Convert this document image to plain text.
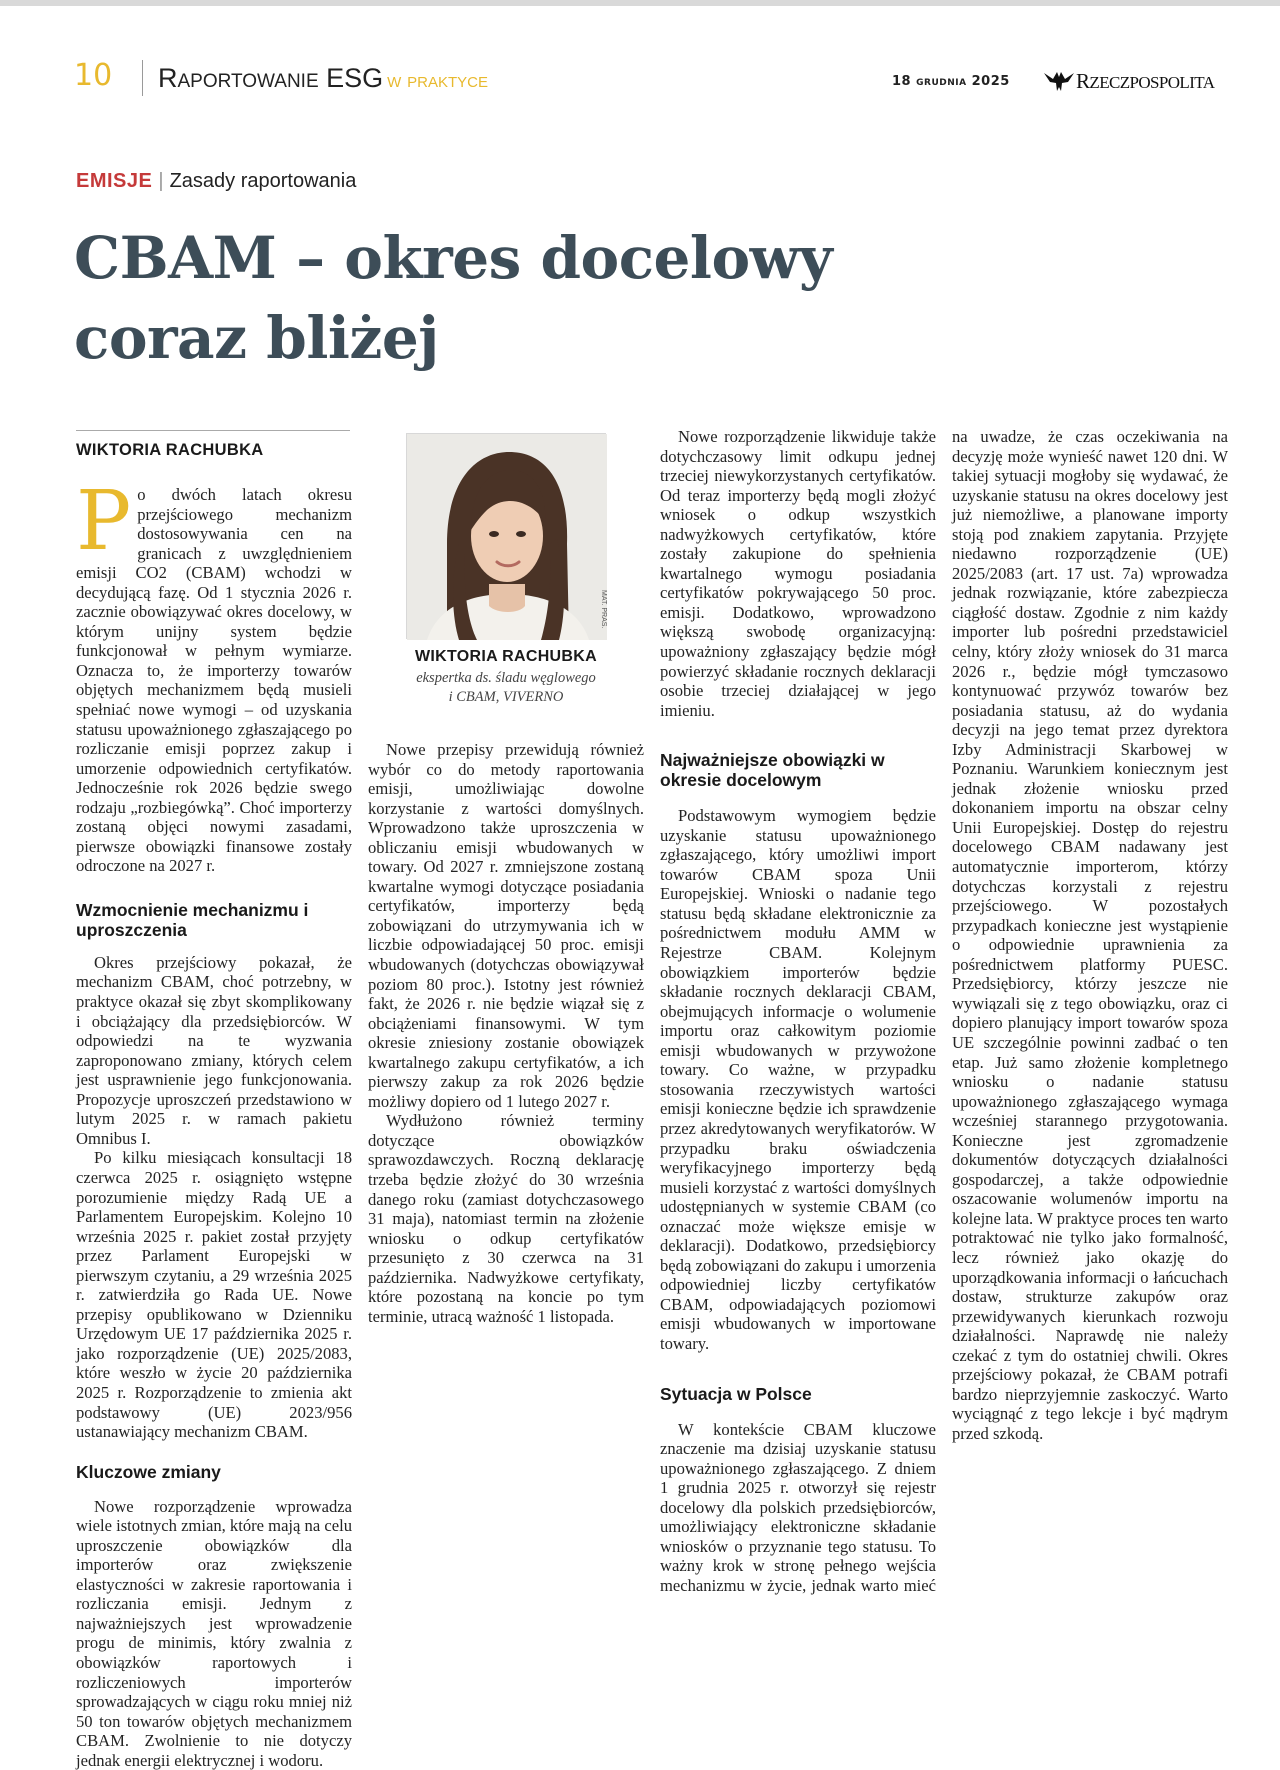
10 Raportowanie ESG w praktyce	18 grudnia 2025	RZECZPOSPOLITA
EMISJE | Zasady raportowania
CBAM – okres docelowy
coraz bliżej
WIKTORIA RACHUBKA
P o dwóch latach okresu przejściowego mechanizm dostosowywania cen na granicach z uwzględnieniem emisji CO2 (CBAM) wchodzi w decydującą fazę. Od 1 stycznia 2026 r. zacznie obowiązywać okres docelowy, w którym unijny system będzie funkcjonował w pełnym wymiarze. Oznacza to, że importerzy towarów objętych mechanizmem będą musieli spełniać nowe wymogi – od uzyskania statusu upoważnionego zgłaszającego po rozliczanie emisji poprzez zakup i umorzenie odpowiednich certyfikatów. Jednocześnie rok 2026 będzie swego rodzaju „rozbiegówką”. Choć importerzy zostaną objęci nowymi zasadami, pierwsze obowiązki finansowe zostały odroczone na 2027 r.

Wzmocnienie mechanizmu i uproszczenia

Okres przejściowy pokazał, że mechanizm CBAM, choć potrzebny, w praktyce okazał się zbyt skomplikowany i obciążający dla przedsiębiorców. W odpowiedzi na te wyzwania zaproponowano zmiany, których celem jest usprawnienie jego funkcjonowania. Propozycje uproszczeń przedstawiono w lutym 2025 r. w ramach pakietu Omnibus I.

Po kilku miesiącach konsultacji 18 czerwca 2025 r. osiągnięto wstępne porozumienie między Radą UE a Parlamentem Europejskim. Kolejno 10 września 2025 r. pakiet został przyjęty przez Parlament Europejski w pierwszym czytaniu, a 29 września 2025 r. zatwierdziła go Rada UE. Nowe przepisy opublikowano w Dzienniku Urzędowym UE 17 października 2025 r. jako rozporządzenie (UE) 2025/2083, które weszło w życie 20 października 2025 r. Rozporządzenie to zmienia akt podstawowy (UE) 2023/956 ustanawiający mechanizm CBAM.

Kluczowe zmiany

Nowe rozporządzenie wprowadza wiele istotnych zmian, które mają na celu uproszczenie obowiązków dla importerów oraz zwiększenie elastyczności w zakresie raportowania i rozliczania emisji. Jednym z najważniejszych jest wprowadzenie progu de minimis, który zwalnia z obowiązków raportowych i rozliczeniowych importerów sprowadzających w ciągu roku mniej niż 50 ton towarów objętych mechanizmem CBAM. Zwolnienie to nie dotyczy jednak energii elektrycznej i wodoru.

MAT. PRAS.
WIKTORIA RACHUBKA
ekspertka ds. śladu węglowego
i CBAM, VIVERNO

Nowe przepisy przewidują również wybór co do metody raportowania emisji, umożliwiając dowolne korzystanie z wartości domyślnych. Wprowadzono także uproszczenia w obliczaniu emisji wbudowanych w towary. Od 2027 r. zmniejszone zostaną kwartalne wymogi dotyczące posiadania certyfikatów, importerzy będą zobowiązani do utrzymywania ich w liczbie odpowiadającej 50 proc. emisji wbudowanych (dotychczas obowiązywał poziom 80 proc.). Istotny jest również fakt, że 2026 r. nie będzie wiązał się z obciążeniami finansowymi. W tym okresie zniesiony zostanie obowiązek kwartalnego zakupu certyfikatów, a ich pierwszy zakup za rok 2026 będzie możliwy dopiero od 1 lutego 2027 r.

Wydłużono również terminy dotyczące obowiązków sprawozdawczych. Roczną deklarację trzeba będzie złożyć do 30 września danego roku (zamiast dotychczasowego 31 maja), natomiast termin na złożenie wniosku o odkup certyfikatów przesunięto z 30 czerwca na 31 października. Nadwyżkowe certyfikaty, które pozostaną na koncie po tym terminie, utracą ważność 1 listopada.

Nowe rozporządzenie likwiduje także dotychczasowy limit odkupu jednej trzeciej niewykorzystanych certyfikatów. Od teraz importerzy będą mogli złożyć wniosek o odkup wszystkich nadwyżkowych certyfikatów, które zostały zakupione do spełnienia kwartalnego wymogu posiadania certyfikatów pokrywającego 50 proc. emisji. Dodatkowo, wprowadzono większą swobodę organizacyjną: upoważniony zgłaszający będzie mógł powierzyć składanie rocznych deklaracji osobie trzeciej działającej w jego imieniu.

Najważniejsze obowiązki w okresie docelowym

Podstawowym wymogiem będzie uzyskanie statusu upoważnionego zgłaszającego, który umożliwi import towarów CBAM spoza Unii Europejskiej. Wnioski o nadanie tego statusu będą składane elektronicznie za pośrednictwem modułu AMM w Rejestrze CBAM. Kolejnym obowiązkiem importerów będzie składanie rocznych deklaracji CBAM, obejmujących informacje o wolumenie importu oraz całkowitym poziomie emisji wbudowanych w przywożone towary. Co ważne, w przypadku stosowania rzeczywistych wartości emisji konieczne będzie ich sprawdzenie przez akredytowanych weryfikatorów. W przypadku braku oświadczenia weryfikacyjnego importerzy będą musieli korzystać z wartości domyślnych udostępnianych w systemie CBAM (co oznaczać może większe emisje w deklaracji). Dodatkowo, przedsiębiorcy będą zobowiązani do zakupu i umorzenia odpowiedniej liczby certyfikatów CBAM, odpowiadających poziomowi emisji wbudowanych w importowane towary.

Sytuacja w Polsce

W kontekście CBAM kluczowe znaczenie ma dzisiaj uzyskanie statusu upoważnionego zgłaszającego. Z dniem 1 grudnia 2025 r. otworzył się rejestr docelowy dla polskich przedsiębiorców, umożliwiający elektroniczne składanie wniosków o przyznanie tego statusu. To ważny krok w stronę pełnego wejścia mechanizmu w życie, jednak warto mieć

na uwadze, że czas oczekiwania na decyzję może wynieść nawet 120 dni. W takiej sytuacji mogłoby się wydawać, że uzyskanie statusu na okres docelowy jest już niemożliwe, a planowane importy stoją pod znakiem zapytania. Przyjęte niedawno rozporządzenie (UE) 2025/2083 (art. 17 ust. 7a) wprowadza jednak rozwiązanie, które zabezpiecza ciągłość dostaw. Zgodnie z nim każdy importer lub pośredni przedstawiciel celny, który złoży wniosek do 31 marca 2026 r., będzie mógł tymczasowo kontynuować przywóz towarów bez posiadania statusu, aż do wydania decyzji na jego temat przez dyrektora Izby Administracji Skarbowej w Poznaniu. Warunkiem koniecznym jest jednak złożenie wniosku przed dokonaniem importu na obszar celny Unii Europejskiej. Dostęp do rejestru docelowego CBAM nadawany jest automatycznie importerom, którzy dotychczas korzystali z rejestru przejściowego. W pozostałych przypadkach konieczne jest wystąpienie o odpowiednie uprawnienia za pośrednictwem platformy PUESC. Przedsiębiorcy, którzy jeszcze nie wywiązali się z tego obowiązku, oraz ci dopiero planujący import towarów spoza UE szczególnie powinni zadbać o ten etap. Już samo złożenie kompletnego wniosku o nadanie statusu upoważnionego zgłaszającego wymaga wcześniej starannego przygotowania. Konieczne jest zgromadzenie dokumentów dotyczących działalności gospodarczej, a także odpowiednie oszacowanie wolumenów importu na kolejne lata. W praktyce proces ten warto potraktować nie tylko jako formalność, lecz również jako okazję do uporządkowania informacji o łańcuchach dostaw, strukturze zakupów oraz przewidywanych kierunkach rozwoju działalności. Naprawdę nie należy czekać z tym do ostatniej chwili. Okres przejściowy pokazał, że CBAM potrafi bardzo nieprzyjemnie zaskoczyć. Warto wyciągnąć z tego lekcje i być mądrym przed szkodą.
